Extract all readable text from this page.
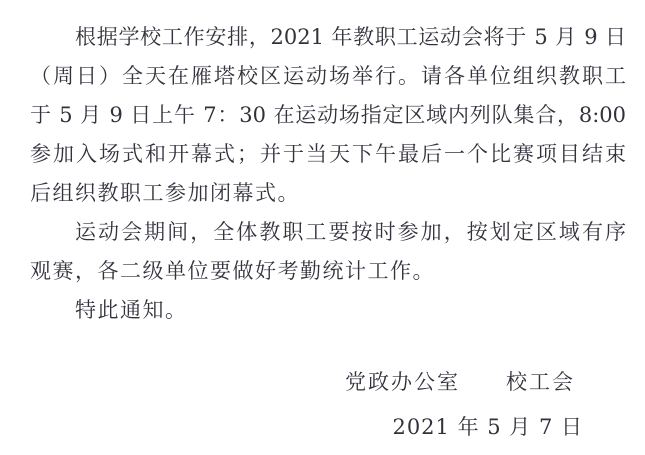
根据学校工作安排，2021 年教职工运动会将于 5 月 9 日
（周日）全天在雁塔校区运动场举行。请各单位组织教职工
于 5 月 9 日上午 7：30 在运动场指定区域内列队集合，8:00
参加入场式和开幕式；并于当天下午最后一个比赛项目结束
后组织教职工参加闭幕式。
运动会期间，全体教职工要按时参加，按划定区域有序
观赛，各二级单位要做好考勤统计工作。
特此通知。
党政办公室　　校工会
2021 年 5 月 7 日
